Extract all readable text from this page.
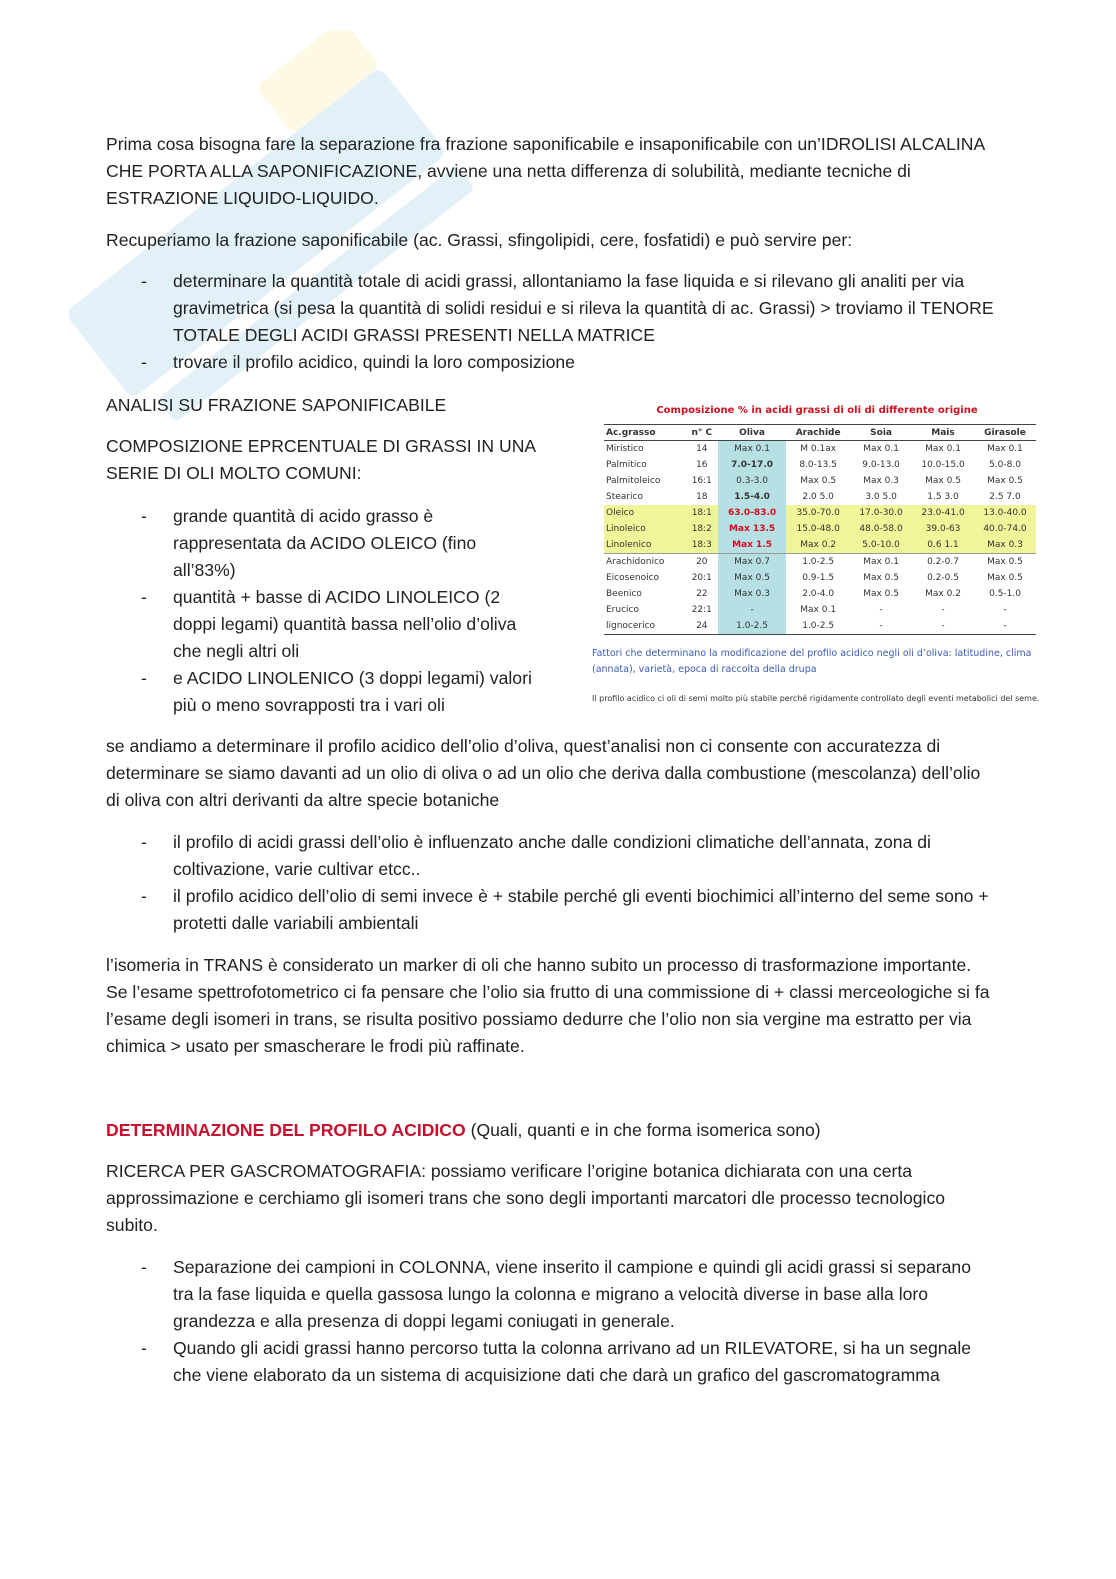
Prima cosa bisogna fare la separazione fra frazione saponificabile e insaponificabile con un’IDROLISI ALCALINA CHE PORTA ALLA SAPONIFICAZIONE, avviene una netta differenza di solubilità, mediante tecniche di ESTRAZIONE LIQUIDO-LIQUIDO.

Recuperiamo la frazione saponificabile (ac. Grassi, sfingolipidi, cere, fosfatidi) e può servire per:

- determinare la quantità totale di acidi grassi, allontaniamo la fase liquida e si rilevano gli analiti per via gravimetrica (si pesa la quantità di solidi residui e si rileva la quantità di ac. Grassi) > troviamo il TENORE TOTALE DEGLI ACIDI GRASSI PRESENTI NELLA MATRICE
- trovare il profilo acidico, quindi la loro composizione

ANALISI SU FRAZIONE SAPONIFICABILE

COMPOSIZIONE EPRCENTUALE DI GRASSI IN UNA SERIE DI OLI MOLTO COMUNI:

- grande quantità di acido grasso è rappresentata da ACIDO OLEICO (fino all’83%)
- quantità + basse di ACIDO LINOLEICO (2 doppi legami) quantità bassa nell’olio d’oliva che negli altri oli
- e ACIDO LINOLENICO (3 doppi legami) valori più o meno sovrapposti tra i vari oli
Composizione % in acidi grassi di oli di differente origine
Ac.grasso	n° C	Oliva	Arachide	Soia	Mais	Girasole
Miristico	14	Max 0.1	M 0.1ax	Max 0.1	Max 0.1	Max 0.1
Palmitico	16	7.0-17.0	8.0-13.5	9.0-13.0	10.0-15.0	5.0-8.0
Palmitoleico	16:1	0.3-3.0	Max 0.5	Max 0.3	Max 0.5	Max 0.5
Stearico	18	1.5-4.0	2.0 5.0	3.0 5.0	1.5 3.0	2.5 7.0
Oleico	18:1	63.0-83.0	35.0-70.0	17.0-30.0	23.0-41.0	13.0-40.0
Linoleico	18:2	Max 13.5	15.0-48.0	48.0-58.0	39.0-63	40.0-74.0
Linolenico	18:3	Max 1.5	Max 0.2	5.0-10.0	0.6 1.1	Max 0.3
Arachidonico	20	Max 0.7	1.0-2.5	Max 0.1	0.2-0.7	Max 0.5
Eicosenoico	20:1	Max 0.5	0.9-1.5	Max 0.5	0.2-0.5	Max 0.5
Beenico	22	Max 0.3	2.0-4.0	Max 0.5	Max 0.2	0.5-1.0
Erucico	22:1	-	Max 0.1	-	-	-
lignocerico	24	1.0-2.5	1.0-2.5	-	-	-
Fattori che determinano la modificazione del profilo acidico negli oli d’oliva: latitudine, clima (annata), varietà, epoca di raccolta della drupa
Il profilo acidico ci oli di semi molto più stabile perché rigidamente controllato degli eventi metabolici del seme.

se andiamo a determinare il profilo acidico dell’olio d’oliva, quest’analisi non ci consente con accuratezza di determinare se siamo davanti ad un olio di oliva o ad un olio che deriva dalla combustione (mescolanza) dell’olio di oliva con altri derivanti da altre specie botaniche

- il profilo di acidi grassi dell’olio è influenzato anche dalle condizioni climatiche dell’annata, zona di coltivazione, varie cultivar etcc..
- il profilo acidico dell’olio di semi invece è + stabile perché gli eventi biochimici all’interno del seme sono + protetti dalle variabili ambientali

l’isomeria in TRANS è considerato un marker di oli che hanno subito un processo di trasformazione importante. Se l’esame spettrofotometrico ci fa pensare che l’olio sia frutto di una commissione di + classi merceologiche si fa l’esame degli isomeri in trans, se risulta positivo possiamo dedurre che l’olio non sia vergine ma estratto per via chimica > usato per smascherare le frodi più raffinate.

DETERMINAZIONE DEL PROFILO ACIDICO (Quali, quanti e in che forma isomerica sono)

RICERCA PER GASCROMATOGRAFIA: possiamo verificare l’origine botanica dichiarata con una certa approssimazione e cerchiamo gli isomeri trans che sono degli importanti marcatori dle processo tecnologico subito.

- Separazione dei campioni in COLONNA, viene inserito il campione e quindi gli acidi grassi si separano tra la fase liquida e quella gassosa lungo la colonna e migrano a velocità diverse in base alla loro grandezza e alla presenza di doppi legami coniugati in generale.
- Quando gli acidi grassi hanno percorso tutta la colonna arrivano ad un RILEVATORE, si ha un segnale che viene elaborato da un sistema di acquisizione dati che darà un grafico del gascromatogramma
